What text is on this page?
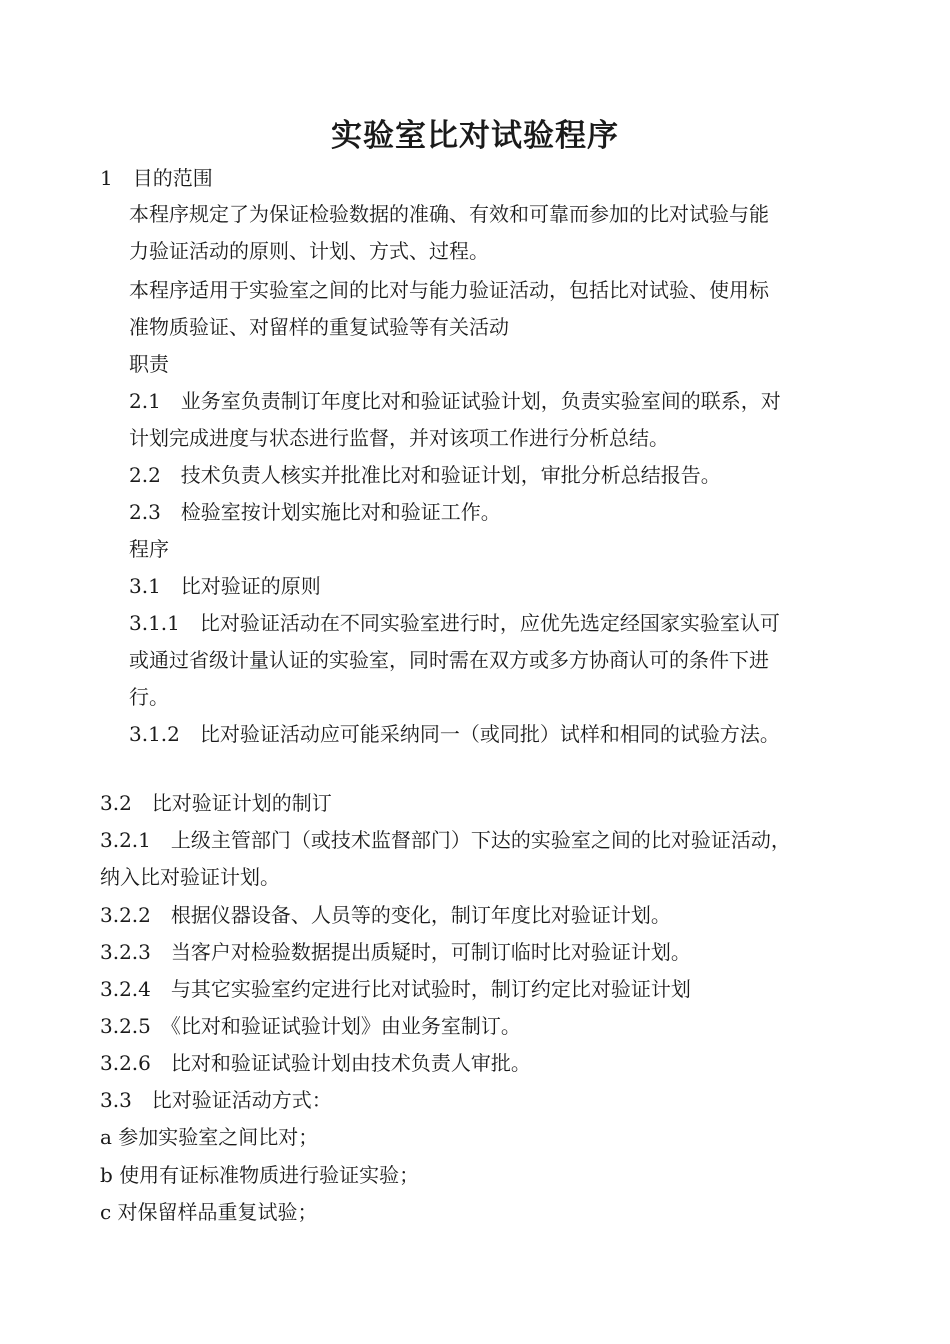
实验室比对试验程序
1　目的范围
本程序规定了为保证检验数据的准确、有效和可靠而参加的比对试验与能
力验证活动的原则、计划、方式、过程。
本程序适用于实验室之间的比对与能力验证活动，包括比对试验、使用标
准物质验证、对留样的重复试验等有关活动
职责
2.1　业务室负责制订年度比对和验证试验计划，负责实验室间的联系，对
计划完成进度与状态进行监督，并对该项工作进行分析总结。
2.2　技术负责人核实并批准比对和验证计划，审批分析总结报告。
2.3　检验室按计划实施比对和验证工作。
程序
3.1　比对验证的原则
3.1.1　比对验证活动在不同实验室进行时，应优先选定经国家实验室认可
或通过省级计量认证的实验室，同时需在双方或多方协商认可的条件下进
行。
3.1.2　比对验证活动应可能采纳同一（或同批）试样和相同的试验方法。
3.2　比对验证计划的制订
3.2.1　上级主管部门（或技术监督部门）下达的实验室之间的比对验证活动，
纳入比对验证计划。
3.2.2　根据仪器设备、人员等的变化，制订年度比对验证计划。
3.2.3　当客户对检验数据提出质疑时，可制订临时比对验证计划。
3.2.4　与其它实验室约定进行比对试验时，制订约定比对验证计划
3.2.5　《比对和验证试验计划》由业务室制订。
3.2.6　比对和验证试验计划由技术负责人审批。
3.3　比对验证活动方式：
a 参加实验室之间比对；
b 使用有证标准物质进行验证实验；
c 对保留样品重复试验；
